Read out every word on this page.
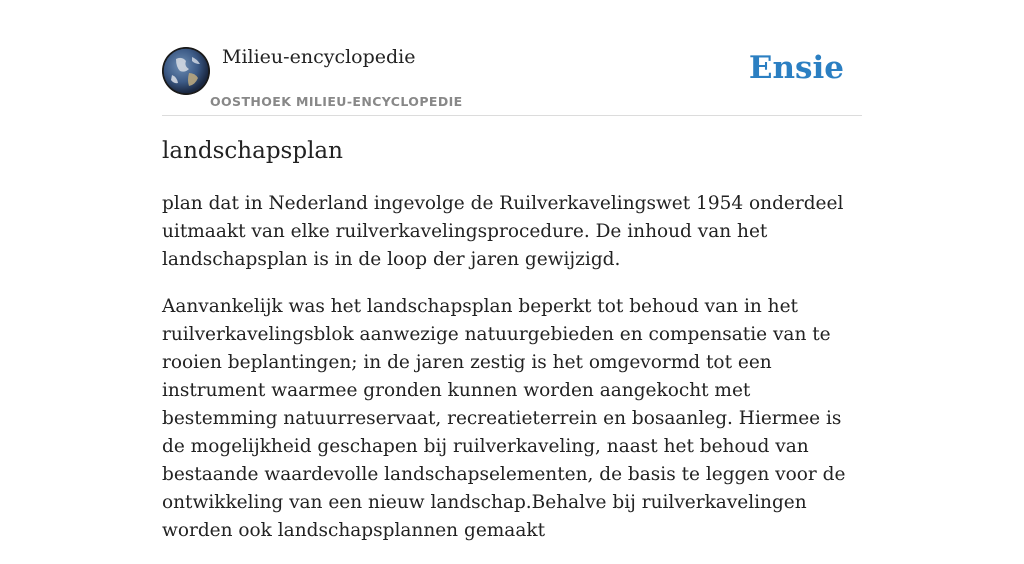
Milieu-encyclopedie
OOSTHOEK MILIEU-ENCYCLOPEDIE
Ensie
landschapsplan

plan dat in Nederland ingevolge de Ruilverkavelingswet 1954 onderdeel uitmaakt van elke ruilverkavelingsprocedure. De inhoud van het landschapsplan is in de loop der jaren gewijzigd.

Aanvankelijk was het landschapsplan beperkt tot behoud van in het ruilverkavelingsblok aanwezige natuurgebieden en compensatie van te rooien beplantingen; in de jaren zestig is het omgevormd tot een instrument waarmee gronden kunnen worden aangekocht met bestemming natuurreservaat, recreatieterrein en bosaanleg. Hiermee is de mogelijkheid geschapen bij ruilverkaveling, naast het behoud van bestaande waardevolle landschapselementen, de basis te leggen voor de ontwikkeling van een nieuw landschap.Behalve bij ruilverkavelingen worden ook landschapsplannen gemaakt
